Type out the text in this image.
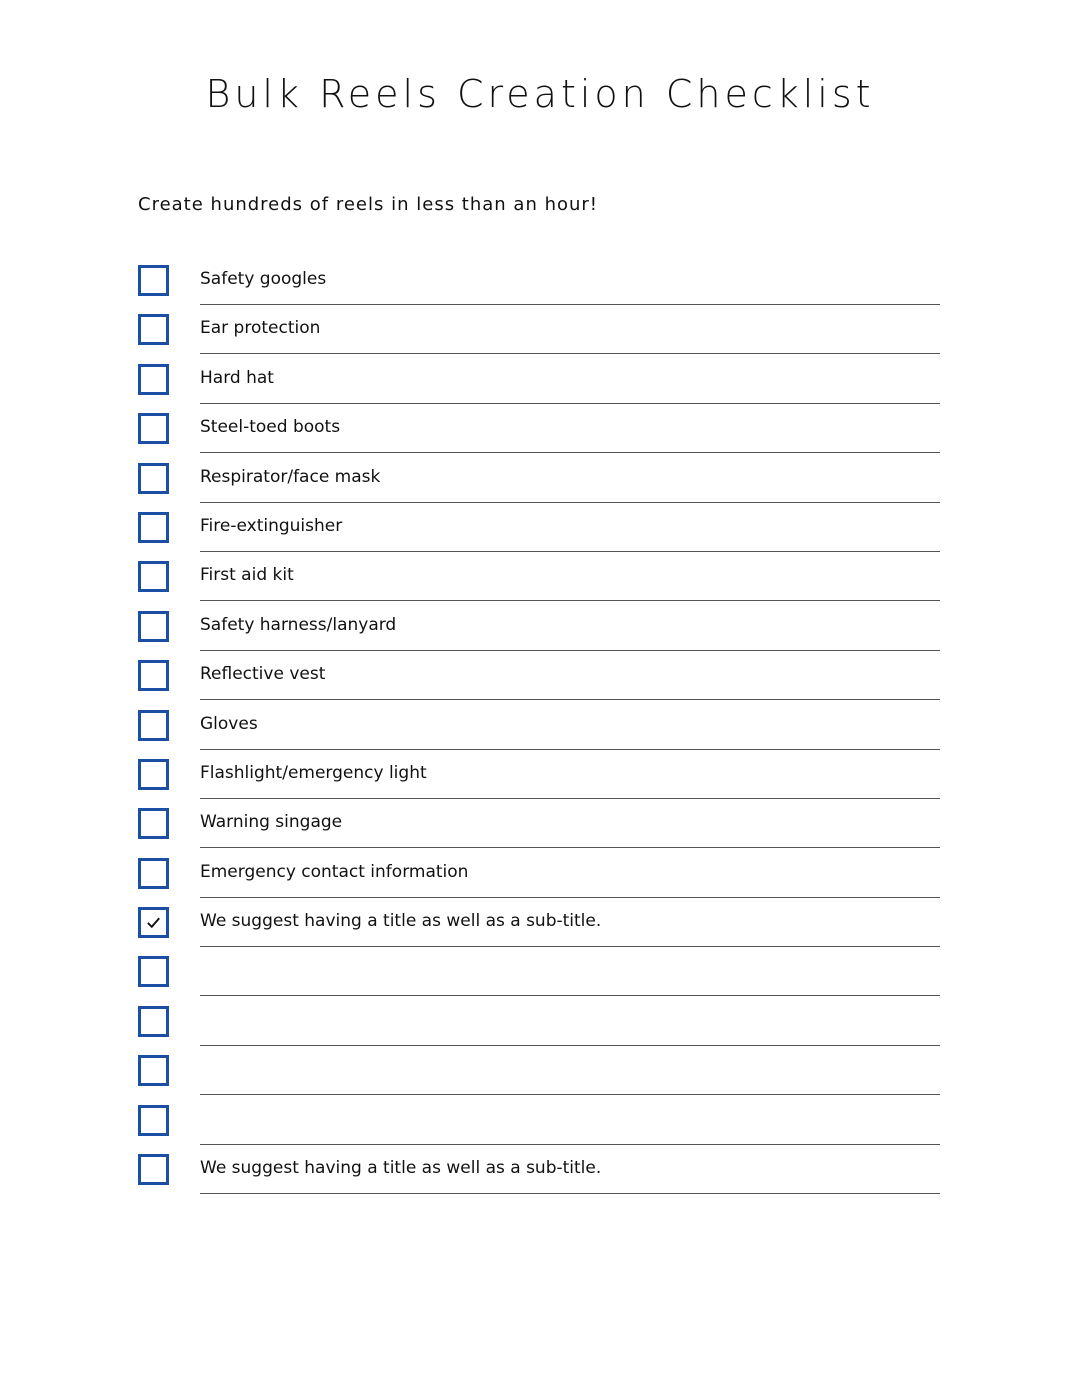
Bulk Reels Creation Checklist
Create hundreds of reels in less than an hour!
Safety googles
Ear protection
Hard hat
Steel-toed boots
Respirator/face mask
Fire-extinguisher
First aid kit
Safety harness/lanyard
Reflective vest
Gloves
Flashlight/emergency light
Warning singage
Emergency contact information
We suggest having a title as well as a sub-title.
We suggest having a title as well as a sub-title.
